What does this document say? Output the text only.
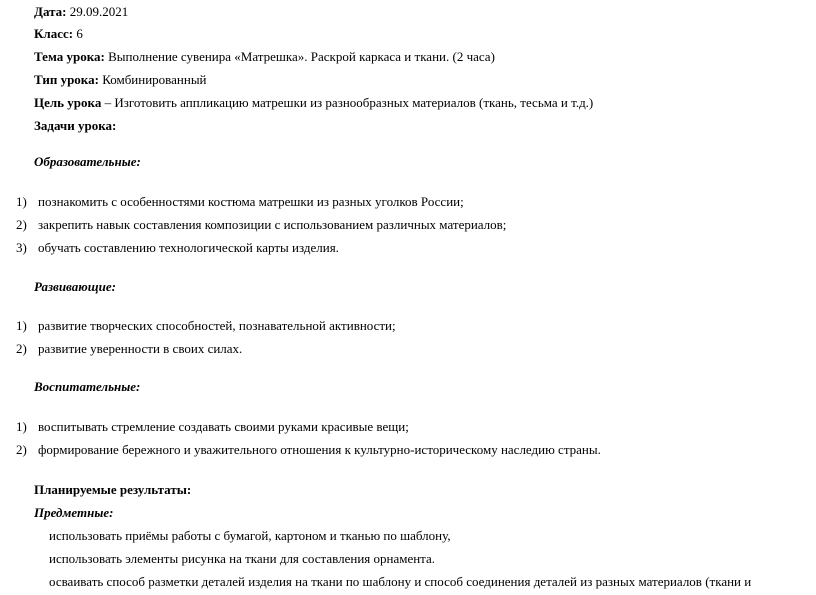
Дата: 29.09.2021
Класс: 6
Тема урока: Выполнение сувенира «Матрешка». Раскрой каркаса и ткани. (2 часа)
Тип урока: Комбинированный
Цель урока – Изготовить аппликацию матрешки из разнообразных материалов (ткань, тесьма и т.д.)
Задачи урока:
Образовательные:
1) познакомить с особенностями костюма матрешки из разных уголков России;
2) закрепить навык составления композиции с использованием различных материалов;
3) обучать составлению технологической карты изделия.
Развивающие:
1) развитие творческих способностей, познавательной активности;
2) развитие уверенности в своих силах.
Воспитательные:
1) воспитывать стремление создавать своими руками красивые вещи;
2) формирование бережного и уважительного отношения к культурно-историческому наследию страны.
Планируемые результаты:
Предметные:
использовать приёмы работы с бумагой, картоном и тканью по шаблону,
использовать элементы рисунка на ткани для составления орнамента.
осваивать способ разметки деталей изделия на ткани по шаблону и способ соединения деталей из разных материалов (ткани и
